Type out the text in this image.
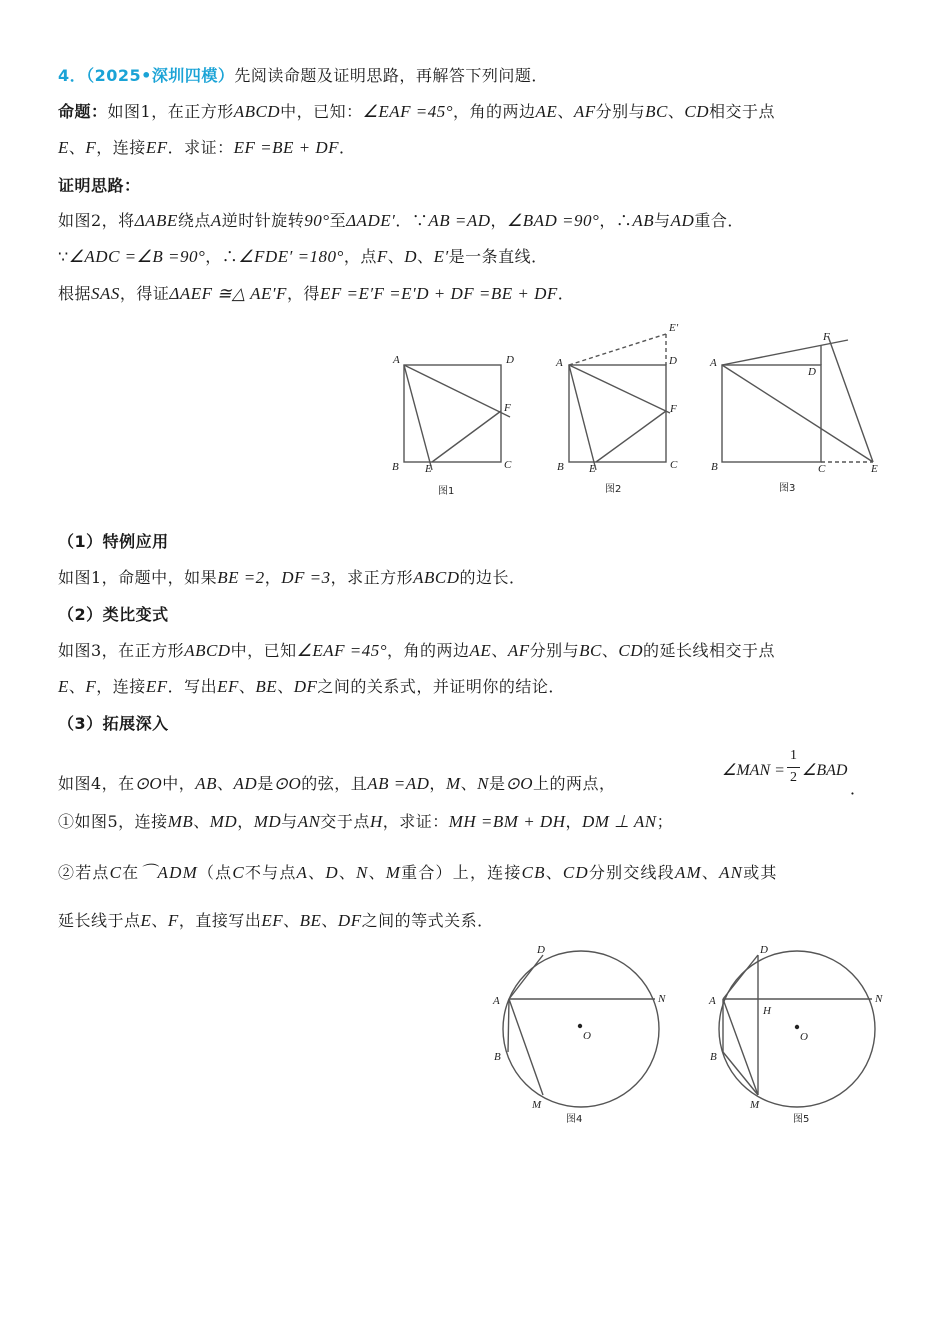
4．（2025•深圳四模）先阅读命题及证明思路，再解答下列问题．
命题：如图1，在正方形ABCD中，已知：∠EAF =45°，角的两边AE、AF分别与BC、CD相交于点
E、F，连接EF．求证：EF =BE + DF．
证明思路：
如图2，将ΔABE绕点A逆时针旋转90°至ΔADE′．∵AB =AD，∠BAD =90°，∴AB与AD重合．
∵∠ADC =∠B =90°，∴∠FDE′ =180°，点F、D、E′是一条直线．
根据SAS，得证ΔAEF ≅△ AE′F，得EF =E′F =E′D + DF =BE + DF．
A	D
F
B E	C
图1
A
E′
D
F
B E	C
图2
A
F
D
B	C	E
图3
（1）特例应用
如图1，命题中，如果BE =2，DF =3，求正方形ABCD的边长．
（2）类比变式
如图3，在正方形ABCD中，已知∠EAF =45°，角的两边AE、AF分别与BC、CD的延长线相交于点
E、F，连接EF．写出EF、BE、DF之间的关系式，并证明你的结论．
（3）拓展深入
如图4，在⊙O中，AB、AD是⊙O的弦，且AB =AD，M、N是⊙O上的两点，
∠MAN =
1
2 ∠BAD
．
①如图5，连接MB、MD，MD与AN交于点H，求证：MH =BM + DH，DM ⊥ AN；
②若点C在⌒ADM（点C不与点A、D、N、M重合）上，连接CB、CD分别交线段AM、AN或其
延长线于点E、F，直接写出EF、BE、DF之间的等式关系．
D
A	N
O
B
M
图4
D
A	N
H
O
B
M
图5
